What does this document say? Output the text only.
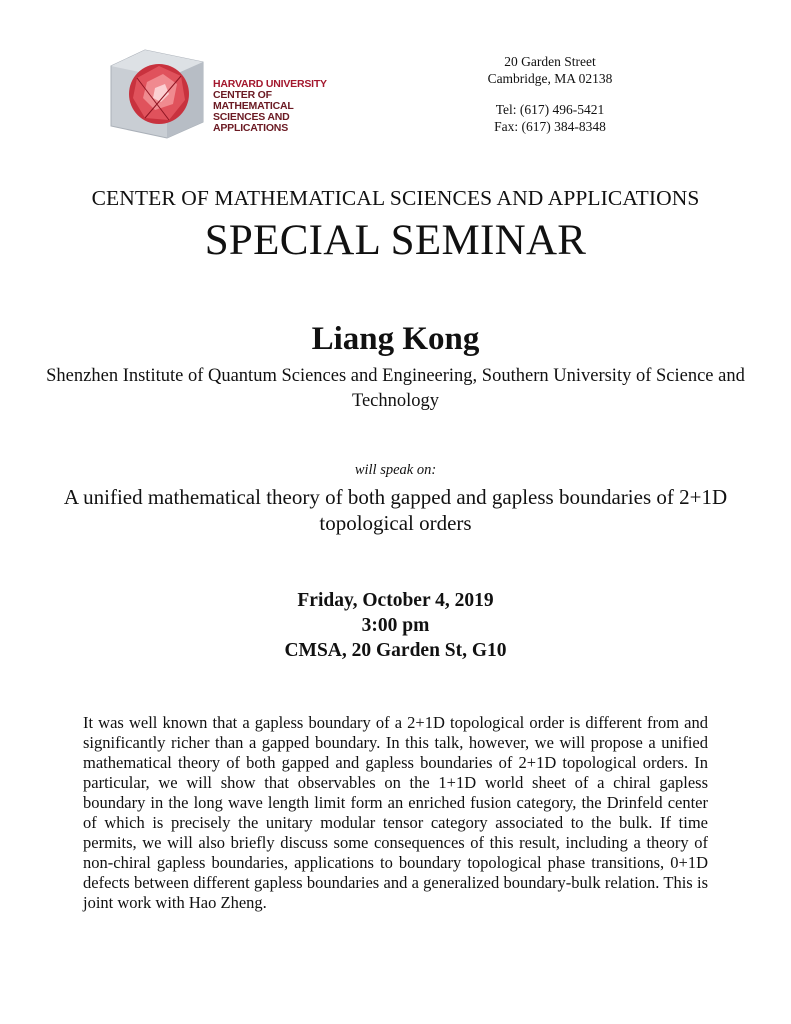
HARVARD UNIVERSITY
CENTER OF MATHEMATICAL
SCIENCES AND APPLICATIONS
20 Garden Street
Cambridge, MA 02138
Tel: (617) 496-5421
Fax: (617) 384-8348
CENTER OF MATHEMATICAL SCIENCES AND APPLICATIONS
SPECIAL SEMINAR
Liang Kong
Shenzhen Institute of Quantum Sciences and Engineering, Southern University of Science and Technology
will speak on:
A unified mathematical theory of both gapped and gapless boundaries of 2+1D topological orders
Friday, October 4, 2019
3:00 pm
CMSA, 20 Garden St, G10
It was well known that a gapless boundary of a 2+1D topological order is different from and significantly richer than a gapped boundary. In this talk, however, we will propose a unified mathematical theory of both gapped and gapless boundaries of 2+1D topological orders. In particular, we will show that observables on the 1+1D world sheet of a chiral gapless boundary in the long wave length limit form an enriched fusion category, the Drinfeld center of which is precisely the unitary modular tensor category associated to the bulk. If time permits, we will also briefly discuss some consequences of this result, including a theory of non-chiral gapless boundaries, applications to boundary topological phase transitions, 0+1D defects between different gapless boundaries and a generalized boundary-bulk relation. This is joint work with Hao Zheng.
